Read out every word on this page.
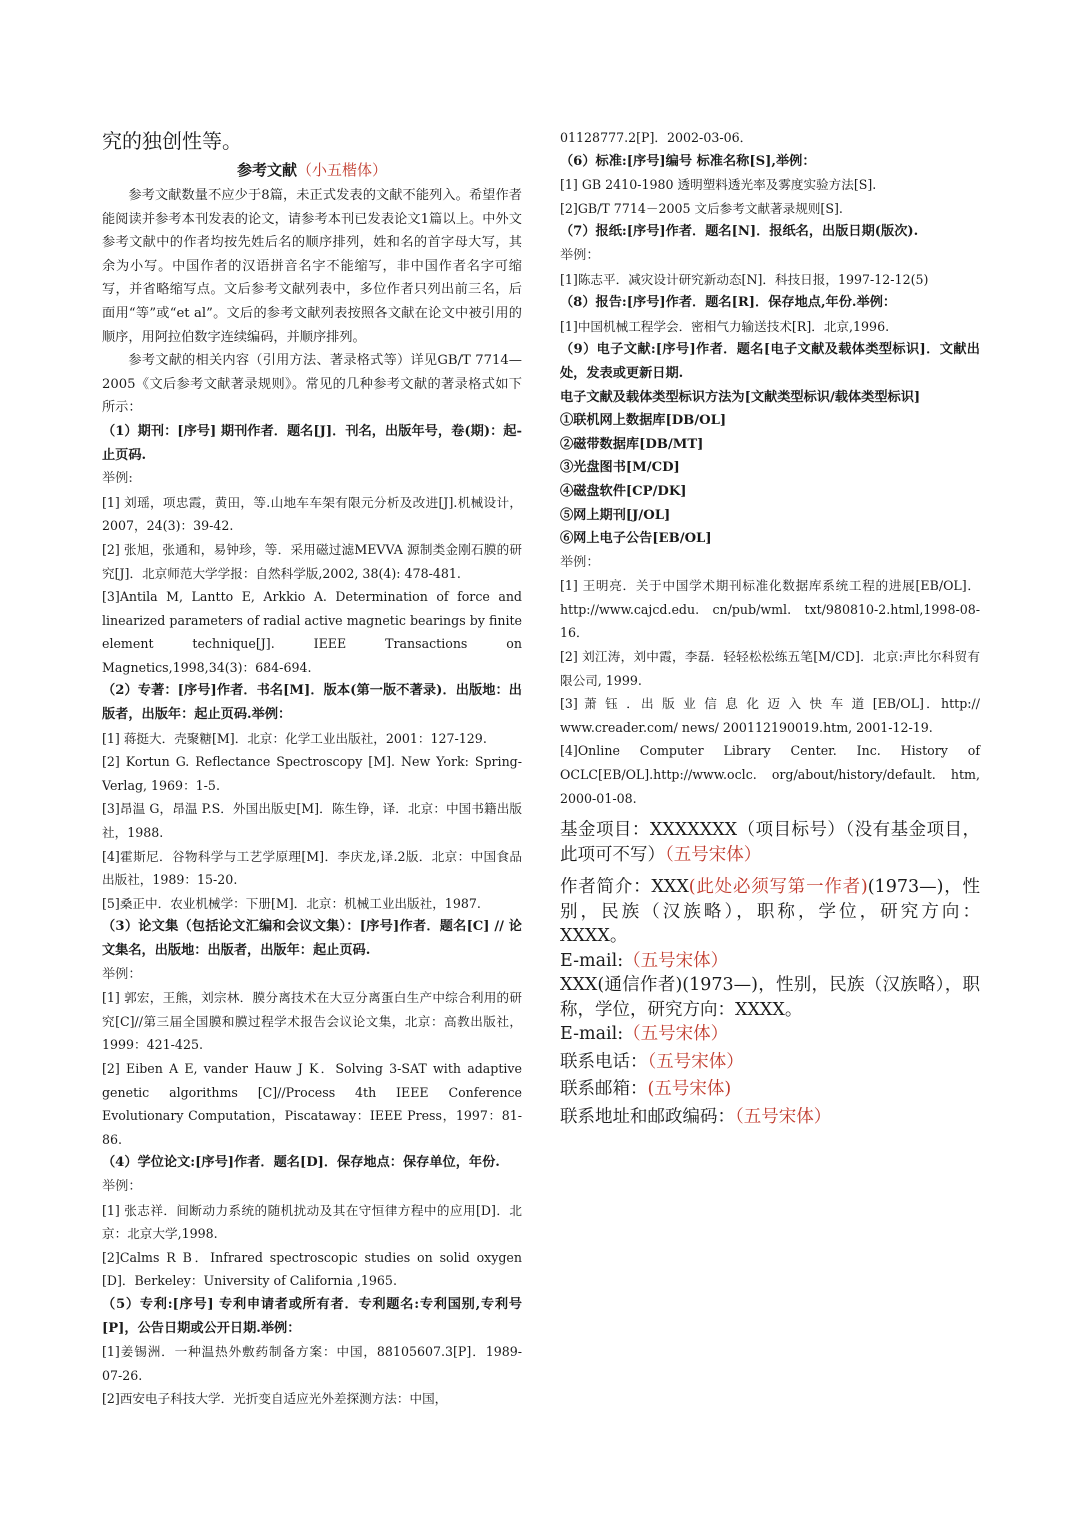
究的独创性等。

参考文献（小五楷体）

参考文献数量不应少于8篇，未正式发表的文献不能列入。希望作者能阅读并参考本刊发表的论文，请参考本刊已发表论文1篇以上。中外文参考文献中的作者均按先姓后名的顺序排列，姓和名的首字母大写，其余为小写。中国作者的汉语拼音名字不能缩写，非中国作者名字可缩写，并省略缩写点。文后参考文献列表中，多位作者只列出前三名，后面用“等”或“et al”。文后的参考文献列表按照各文献在论文中被引用的顺序，用阿拉伯数字连续编码，并顺序排列。

参考文献的相关内容（引用方法、著录格式等）详见GB/T 7714—2005《文后参考文献著录规则》。常见的几种参考文献的著录格式如下所示：

（1）期刊：[序号] 期刊作者．题名[J]．刊名，出版年号，卷(期)：起-止页码.

举例:

[1] 刘瑶，项忠霞，黄田，等.山地车车架有限元分析及改进[J].机械设计，2007，24(3)：39-42.

[2] 张旭，张通和，易钟珍，等．采用磁过滤MEVVA 源制类金刚石膜的研究[J]．北京师范大学学报：自然科学版,2002, 38(4): 478-481.

[3]Antila M, Lantto E, Arkkio A. Determination of force and linearized parameters of radial active magnetic bearings by finite element technique[J]. IEEE Transactions on Magnetics,1998,34(3)：684-694.

（2）专著：[序号]作者．书名[M]．版本(第一版不著录)．出版地：出版者，出版年：起止页码.举例：

[1] 蒋挺大．壳聚糖[M]．北京：化学工业出版社，2001：127-129.

[2] Kortun G. Reflectance Spectroscopy [M]. New York: Spring-Verlag, 1969：1-5.

[3]昂温 G，昂温 P.S．外国出版史[M]．陈生铮，译．北京：中国书籍出版社，1988.

[4]霍斯尼．谷物科学与工艺学原理[M]．李庆龙,译.2版．北京：中国食品出版社，1989：15-20.

[5]桑正中．农业机械学：下册[M]．北京：机械工业出版社，1987.

（3）论文集（包括论文汇编和会议文集）：[序号]作者．题名[C] // 论文集名，出版地：出版者，出版年：起止页码.

举例：

[1] 郭宏，王熊，刘宗林．膜分离技术在大豆分离蛋白生产中综合利用的研究[C]//第三届全国膜和膜过程学术报告会议论文集，北京：高教出版社，1999：421-425.

[2] Eiben A E, vander Hauw J K．Solving 3-SAT with adaptive genetic algorithms [C]//Process 4th IEEE Conference Evolutionary Computation，Piscataway：IEEE Press，1997：81-86.

（4）学位论文:[序号]作者．题名[D]．保存地点：保存单位，年份.

举例：

[1] 张志祥．间断动力系统的随机扰动及其在守恒律方程中的应用[D]．北京：北京大学,1998.

[2]Calms R B．Infrared spectroscopic studies on solid oxygen [D]．Berkeley：University of California ,1965.

（5）专利:[序号] 专利申请者或所有者．专利题名:专利国别,专利号[P]，公告日期或公开日期.举例：

[1]姜锡洲．一种温热外敷药制备方案：中国，88105607.3[P]．1989-07-26.

[2]西安电子科技大学．光折变自适应光外差探测方法：中国，

01128777.2[P]．2002-03-06．

（6）标准:[序号]编号 标准名称[S],举例：

[1] GB 2410-1980 透明塑料透光率及雾度实验方法[S].

[2]GB/T 7714－2005 文后参考文献著录规则[S].

（7）报纸:[序号]作者．题名[N]．报纸名，出版日期(版次).

举例：

[1]陈志平．减灾设计研究新动态[N]．科技日报，1997-12-12(5)

（8）报告:[序号]作者．题名[R]．保存地点,年份.举例：

[1]中国机械工程学会．密相气力输送技术[R]．北京,1996.

（9）电子文献:[序号]作者．题名[电子文献及载体类型标识]．文献出处，发表或更新日期.

电子文献及载体类型标识方法为[文献类型标识/载体类型标识]

①联机网上数据库[DB/OL]

②磁带数据库[DB/MT]

③光盘图书[M/CD]

④磁盘软件[CP/DK]

⑤网上期刊[J/OL]

⑥网上电子公告[EB/OL]

举例：

[1] 王明亮．关于中国学术期刊标准化数据库系统工程的进展[EB/OL]．http://www.cajcd.edu. cn/pub/wml. txt/980810-2.html,1998-08-16．

[2] 刘江涛，刘中霞，李磊．轻轻松松练五笔[M/CD]．北京:声比尔科贸有限公司, 1999.

[3] 萧 钰 ．出 版 业 信 息 化 迈 入 快 车 道 [EB/OL]．http:// www.creader.com/ news/ 200112190019.htm, 2001-12-19.

[4]Online Computer Library Center. Inc. History of OCLC[EB/OL].http://www.oclc. org/about/history/default. htm, 2000-01-08.

基金项目：XXXXXXX（项目标号）（没有基金项目，此项可不写）（五号宋体）

作者简介：XXX(此处必须写第一作者)(1973—)，性别，民族（汉族略），职称，学位，研究方向：XXXX。

E-mail:（五号宋体）

XXX(通信作者)(1973—)，性别，民族（汉族略），职称，学位，研究方向：XXXX。

E-mail:（五号宋体）

联系电话：（五号宋体）

联系邮箱：(五号宋体)

联系地址和邮政编码：（五号宋体）
